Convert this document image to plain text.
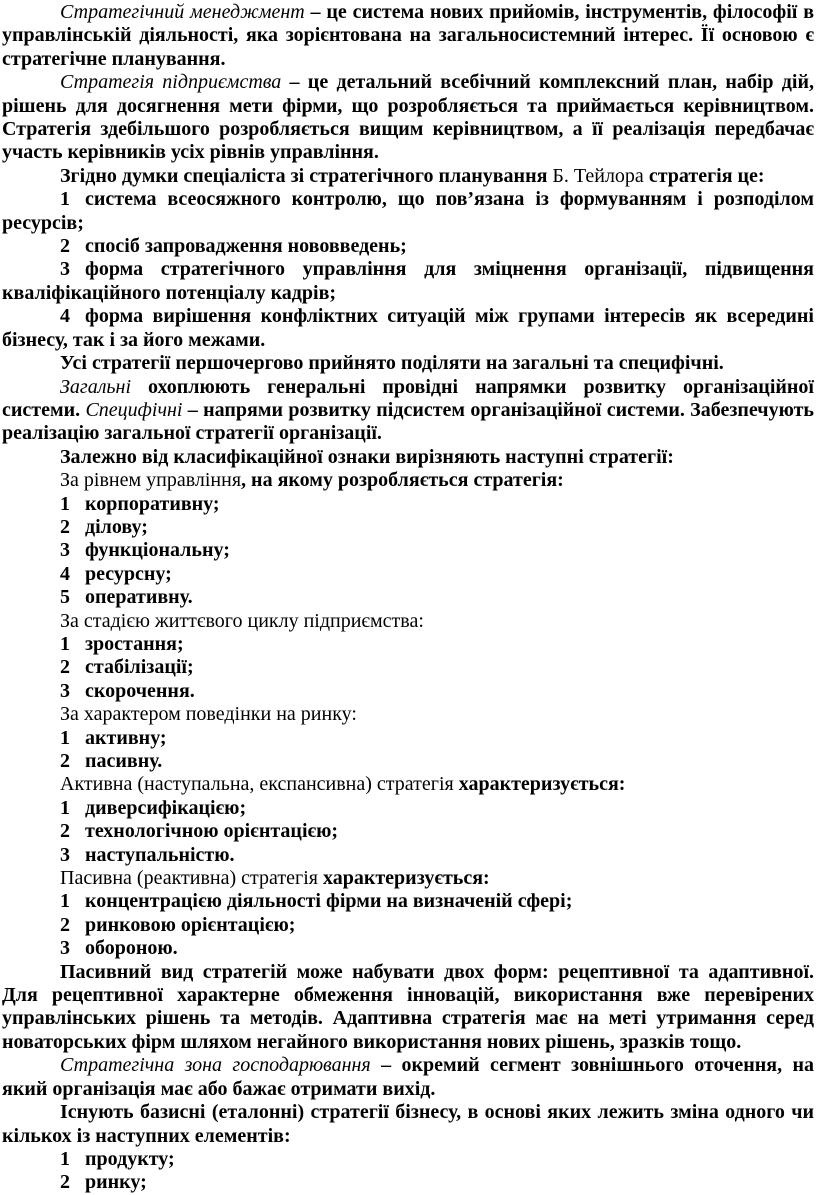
Стратегічний менеджмент – це система нових прийомів, інструментів, філософії в управлінській діяльності, яка зорієнтована на загальносистемний інтерес. Її основою є стратегічне планування.

Стратегія підприємства – це детальний всебічний комплексний план, набір дій, рішень для досягнення мети фірми, що розробляється та приймається керівництвом. Стратегія здебільшого розробляється вищим керівництвом, а її реалізація передбачає участь керівників усіх рівнів управління.

Згідно думки спеціаліста зі стратегічного планування Б. Тейлора стратегія це:

1 система всеосяжного контролю, що пов’язана із формуванням і розподілом ресурсів;

2 спосіб запровадження нововведень;

3 форма стратегічного управління для зміцнення організації, підвищення кваліфікаційного потенціалу кадрів;

4 форма вирішення конфліктних ситуацій між групами інтересів як всередині бізнесу, так і за його межами.

Усі стратегії першочергово прийнято поділяти на загальні та специфічні.

Загальні охоплюють генеральні провідні напрямки розвитку організаційної системи. Специфічні – напрями розвитку підсистем організаційної системи. Забезпечують реалізацію загальної стратегії організації.

Залежно від класифікаційної ознаки вирізняють наступні стратегії:

За рівнем управління, на якому розробляється стратегія:

1 корпоративну;

2 ділову;

3 функціональну;

4 ресурсну;

5 оперативну.

За стадією життєвого циклу підприємства:

1 зростання;

2 стабілізації;

3 скорочення.

За характером поведінки на ринку:

1 активну;

2 пасивну.

Активна (наступальна, експансивна) стратегія характеризується:

1 диверсифікацією;

2 технологічною орієнтацією;

3 наступальністю.

Пасивна (реактивна) стратегія характеризується:

1 концентрацією діяльності фірми на визначеній сфері;

2 ринковою орієнтацією;

3 обороною.

Пасивний вид стратегій може набувати двох форм: рецептивної та адаптивної. Для рецептивної характерне обмеження інновацій, використання вже перевірених управлінських рішень та методів. Адаптивна стратегія має на меті утримання серед новаторських фірм шляхом негайного використання нових рішень, зразків тощо.

Стратегічна зона господарювання – окремий сегмент зовнішнього оточення, на який організація має або бажає отримати вихід.

Існують базисні (еталонні) стратегії бізнесу, в основі яких лежить зміна одного чи кількох із наступних елементів:

1 продукту;

2 ринку;
